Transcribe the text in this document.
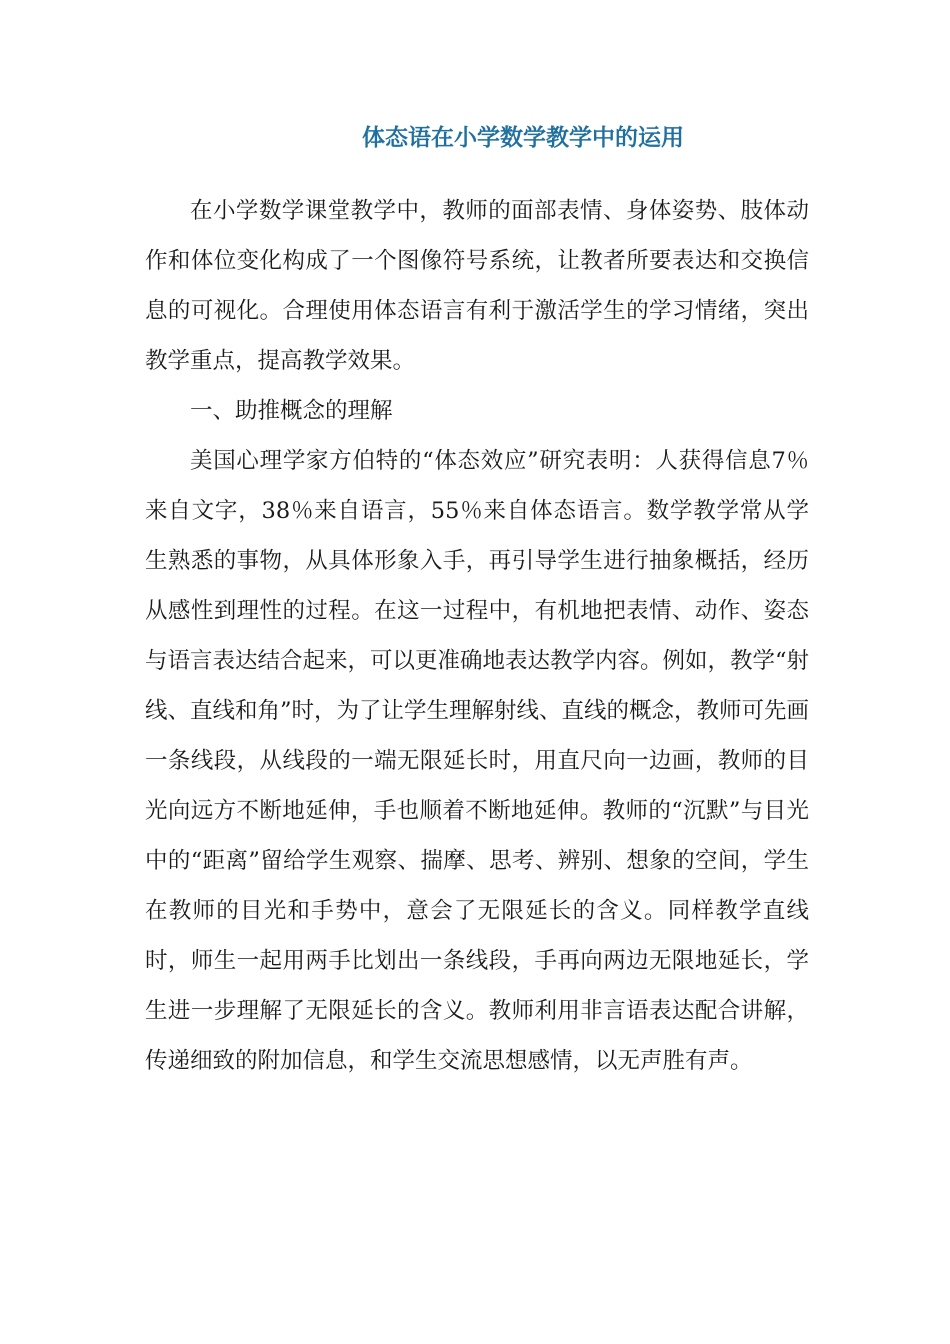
体态语在小学数学教学中的运用

在小学数学课堂教学中，教师的面部表情、身体姿势、肢体动作和体位变化构成了一个图像符号系统，让教者所要表达和交换信息的可视化。合理使用体态语言有利于激活学生的学习情绪，突出教学重点，提高教学效果。

一、助推概念的理解

美国心理学家方伯特的“体态效应”研究表明：人获得信息7％来自文字，38％来自语言，55％来自体态语言。数学教学常从学生熟悉的事物，从具体形象入手，再引导学生进行抽象概括，经历从感性到理性的过程。在这一过程中，有机地把表情、动作、姿态与语言表达结合起来，可以更准确地表达教学内容。例如，教学“射线、直线和角”时，为了让学生理解射线、直线的概念，教师可先画一条线段，从线段的一端无限延长时，用直尺向一边画，教师的目光向远方不断地延伸，手也顺着不断地延伸。教师的“沉默”与目光中的“距离”留给学生观察、揣摩、思考、辨别、想象的空间，学生在教师的目光和手势中，意会了无限延长的含义。同样教学直线时，师生一起用两手比划出一条线段，手再向两边无限地延长，学生进一步理解了无限延长的含义。教师利用非言语表达配合讲解，传递细致的附加信息，和学生交流思想感情，以无声胜有声。
